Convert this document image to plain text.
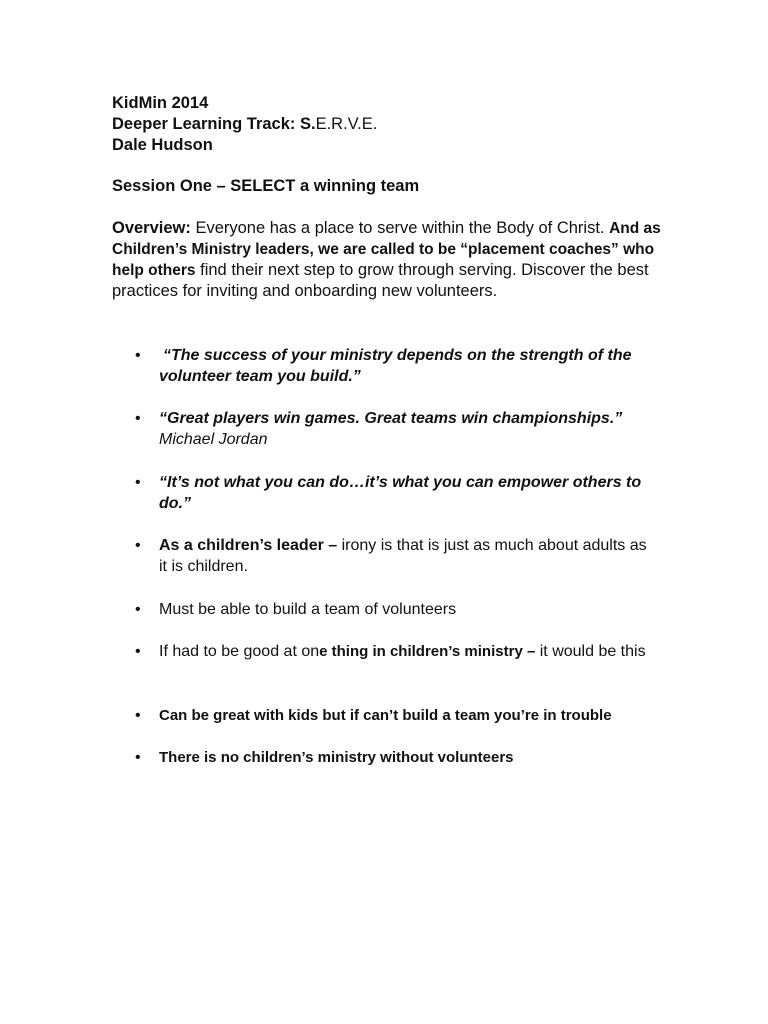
KidMin 2014
Deeper Learning Track: S.E.R.V.E.
Dale Hudson
Session One – SELECT a winning team
Overview: Everyone has a place to serve within the Body of Christ. And as Children’s Ministry leaders, we are called to be “placement coaches” who help others find their next step to grow through serving. Discover the best practices for inviting and onboarding new volunteers.
• “The success of your ministry depends on the strength of the volunteer team you build.”
• “Great players win games. Great teams win championships.”
Michael Jordan
• “It’s not what you can do…it’s what you can empower others to do.”
• As a children’s leader – irony is that is just as much about adults as it is children.
• Must be able to build a team of volunteers
• If had to be good at one thing in children’s ministry – it would be this
• Can be great with kids but if can’t build a team you’re in trouble
• There is no children’s ministry without volunteers
